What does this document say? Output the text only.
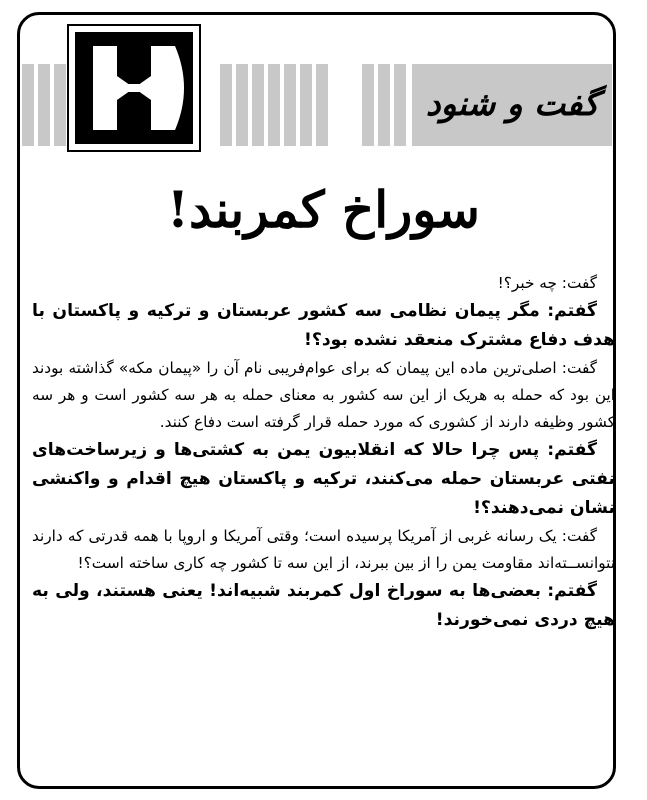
گفت و شنود
سوراخ کمربند!

گفت: چه خبر؟!

گفتم: مگر پیمان نظامی سه کشور عربستان و ترکیه و پاکستان با هدف دفاع مشترک منعقد نشده بود؟!

گفت: اصلی‌ترین ماده این پیمان که برای عوام‌فریبی نام آن را «پیمان مکه» گذاشته بودند این بود که حمله به هریک از این سه کشور به معنای حمله به هر سه کشور است و هر سه کشور وظیفه دارند از کشوری که مورد حمله قرار گرفته است دفاع کنند.

گفتم: پس چرا حالا که انقلابیون یمن به کشتی‌ها و زیرساخت‌های نفتی عربستان حمله می‌کنند، ترکیه و پاکستان هیچ اقدام و واکنشی نشان نمی‌دهند؟!

گفت: یک رسانه غربی از آمریکا پرسیده است؛ وقتی آمریکا و اروپا با همه قدرتی که دارند نتوانســته‌اند مقاومت یمن را از بین ببرند، از این سه تا کشور چه کاری ساخته است؟!

گفتم: بعضی‌ها به سوراخ اول کمربند شبیه‌اند! یعنی هستند، ولی به هیچ دردی نمی‌خورند!
